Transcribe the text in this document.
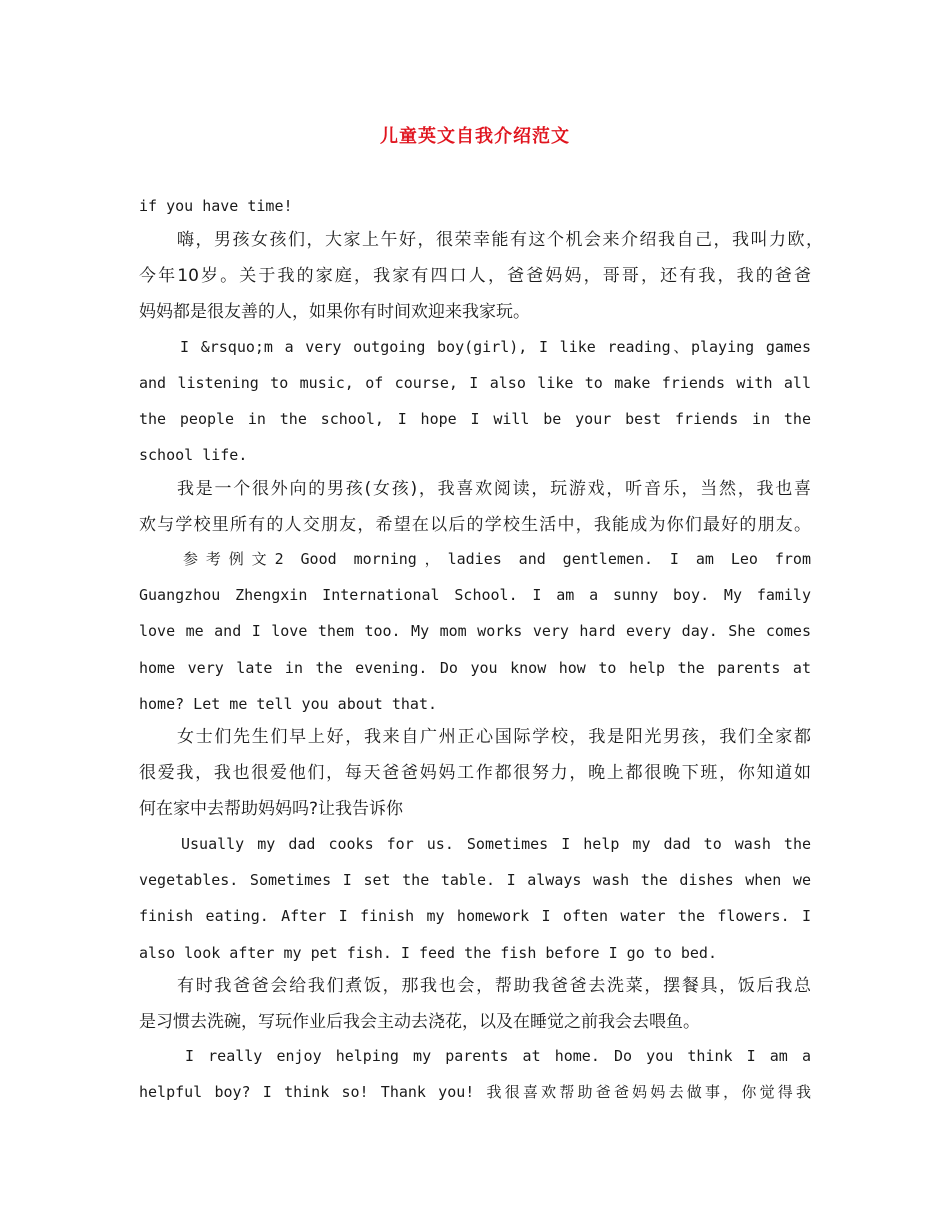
儿童英文自我介绍范文
if you have time!
嗨，男孩女孩们，大家上午好，很荣幸能有这个机会来介绍我自己，我叫力欧，
今年10岁。关于我的家庭，我家有四口人，爸爸妈妈，哥哥，还有我，我的爸爸
妈妈都是很友善的人，如果你有时间欢迎来我家玩。
I &rsquo;m a very outgoing boy(girl), I like reading、playing games
and listening to music, of course, I also like to make friends with all
the people in the school, I hope I will be your best friends in the
school life.
我是一个很外向的男孩(女孩)，我喜欢阅读，玩游戏，听音乐，当然，我也喜
欢与学校里所有的人交朋友，希望在以后的学校生活中，我能成为你们最好的朋友。
参考例文2 Good morning，ladies and gentlemen. I am Leo from
Guangzhou Zhengxin International School. I am a sunny boy. My family
love me and I love them too. My mom works very hard every day. She comes
home very late in the evening. Do you know how to help the parents at
home? Let me tell you about that.
女士们先生们早上好，我来自广州正心国际学校，我是阳光男孩，我们全家都
很爱我，我也很爱他们，每天爸爸妈妈工作都很努力，晚上都很晚下班，你知道如
何在家中去帮助妈妈吗?让我告诉你
Usually my dad cooks for us. Sometimes I help my dad to wash the
vegetables. Sometimes I set the table. I always wash the dishes when we
finish eating. After I finish my homework I often water the flowers. I
also look after my pet fish. I feed the fish before I go to bed.
有时我爸爸会给我们煮饭，那我也会，帮助我爸爸去洗菜，摆餐具，饭后我总
是习惯去洗碗，写玩作业后我会主动去浇花，以及在睡觉之前我会去喂鱼。
I really enjoy helping my parents at home. Do you think I am a
helpful boy? I think so! Thank you! 我很喜欢帮助爸爸妈妈去做事，你觉得我
